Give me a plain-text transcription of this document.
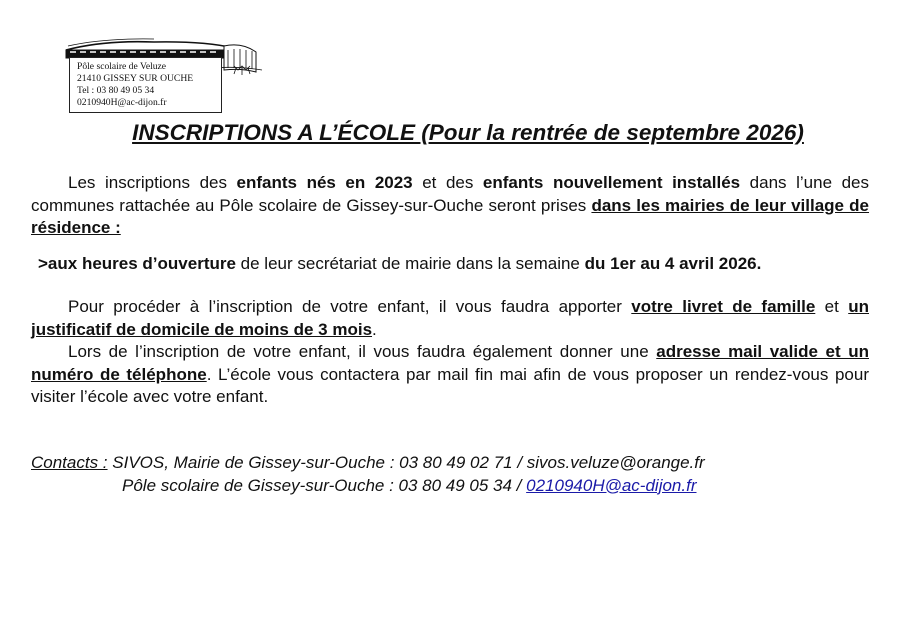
Pôle scolaire de Veluze
21410 GISSEY SUR OUCHE
Tel : 03 80 49 05 34
0210940H@ac-dijon.fr
INSCRIPTIONS A L’ÉCOLE (Pour la rentrée de septembre 2026)

Les inscriptions des enfants nés en 2023 et des enfants nouvellement installés dans l’une des communes rattachée au Pôle scolaire de Gissey-sur-Ouche seront prises dans les mairies de leur village de résidence :

>aux heures d’ouverture de leur secrétariat de mairie dans la semaine du 1er au 4 avril 2026.

Pour procéder à l’inscription de votre enfant, il vous faudra apporter votre livret de famille et un justificatif de domicile de moins de 3 mois.

Lors de l’inscription de votre enfant, il vous faudra également donner une adresse mail valide et un numéro de téléphone. L’école vous contactera par mail fin mai afin de vous proposer un rendez-vous pour visiter l’école avec votre enfant.

Contacts : SIVOS, Mairie de Gissey-sur-Ouche : 03 80 49 02 71 / sivos.veluze@orange.fr
Pôle scolaire de Gissey-sur-Ouche : 03 80 49 05 34 / 0210940H@ac-dijon.fr
